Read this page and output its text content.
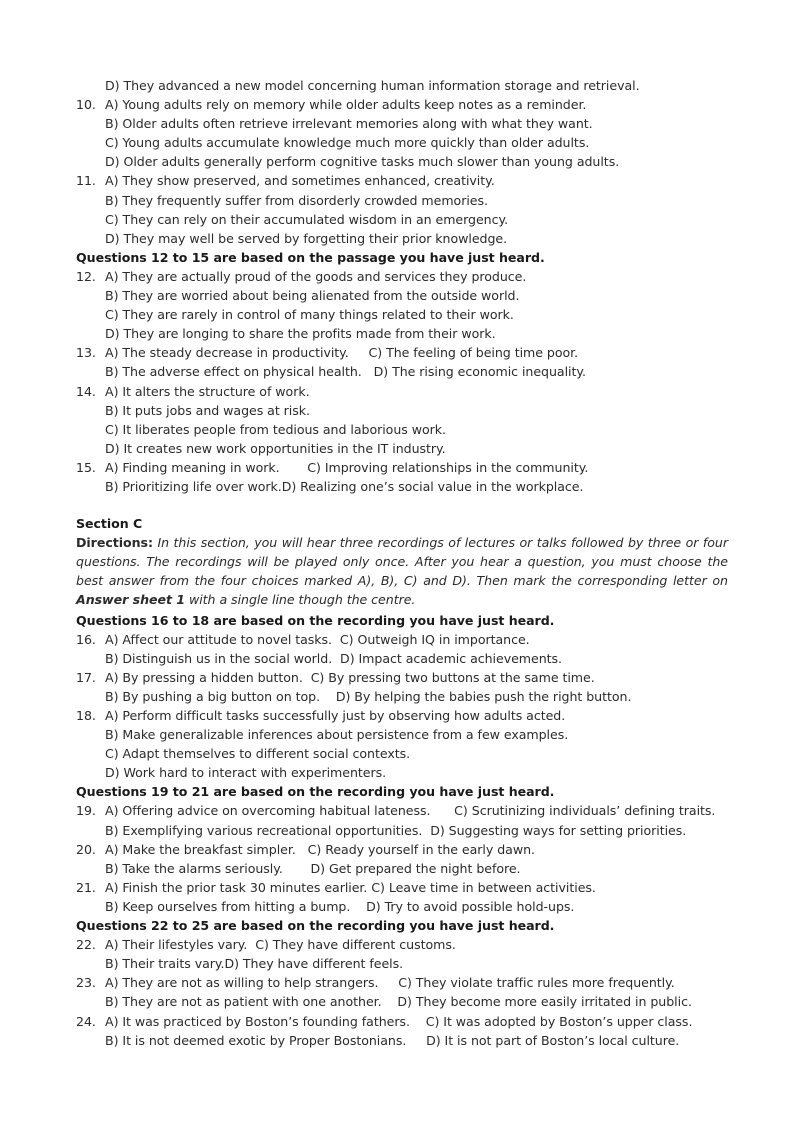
D) They advanced a new model concerning human information storage and retrieval.
10. A) Young adults rely on memory while older adults keep notes as a reminder.
B) Older adults often retrieve irrelevant memories along with what they want.
C) Young adults accumulate knowledge much more quickly than older adults.
D) Older adults generally perform cognitive tasks much slower than young adults.
11. A) They show preserved, and sometimes enhanced, creativity.
B) They frequently suffer from disorderly crowded memories.
C) They can rely on their accumulated wisdom in an emergency.
D) They may well be served by forgetting their prior knowledge.
Questions 12 to 15 are based on the passage you have just heard.
12. A) They are actually proud of the goods and services they produce.
B) They are worried about being alienated from the outside world.
C) They are rarely in control of many things related to their work.
D) They are longing to share the profits made from their work.
13. A) The steady decrease in productivity.     C) The feeling of being time poor.
B) The adverse effect on physical health.   D) The rising economic inequality.
14. A) It alters the structure of work.
B) It puts jobs and wages at risk.
C) It liberates people from tedious and laborious work.
D) It creates new work opportunities in the IT industry.
15. A) Finding meaning in work.       C) Improving relationships in the community.
B) Prioritizing life over work.D) Realizing one’s social value in the workplace.
Section C
Directions: In this section, you will hear three recordings of lectures or talks followed by three or four questions. The recordings will be played only once. After you hear a question, you must choose the best answer from the four choices marked A), B), C) and D). Then mark the corresponding letter on Answer sheet 1 with a single line though the centre.
Questions 16 to 18 are based on the recording you have just heard.
16. A) Affect our attitude to novel tasks.  C) Outweigh IQ in importance.
B) Distinguish us in the social world.  D) Impact academic achievements.
17. A) By pressing a hidden button.  C) By pressing two buttons at the same time.
B) By pushing a big button on top.    D) By helping the babies push the right button.
18. A) Perform difficult tasks successfully just by observing how adults acted.
B) Make generalizable inferences about persistence from a few examples.
C) Adapt themselves to different social contexts.
D) Work hard to interact with experimenters.
Questions 19 to 21 are based on the recording you have just heard.
19. A) Offering advice on overcoming habitual lateness.      C) Scrutinizing individuals’ defining traits.
B) Exemplifying various recreational opportunities.  D) Suggesting ways for setting priorities.
20. A) Make the breakfast simpler.   C) Ready yourself in the early dawn.
B) Take the alarms seriously.       D) Get prepared the night before.
21. A) Finish the prior task 30 minutes earlier. C) Leave time in between activities.
B) Keep ourselves from hitting a bump.    D) Try to avoid possible hold-ups.
Questions 22 to 25 are based on the recording you have just heard.
22. A) Their lifestyles vary.  C) They have different customs.
B) Their traits vary.D) They have different feels.
23. A) They are not as willing to help strangers.     C) They violate traffic rules more frequently.
B) They are not as patient with one another.    D) They become more easily irritated in public.
24. A) It was practiced by Boston’s founding fathers.    C) It was adopted by Boston’s upper class.
B) It is not deemed exotic by Proper Bostonians.     D) It is not part of Boston’s local culture.
